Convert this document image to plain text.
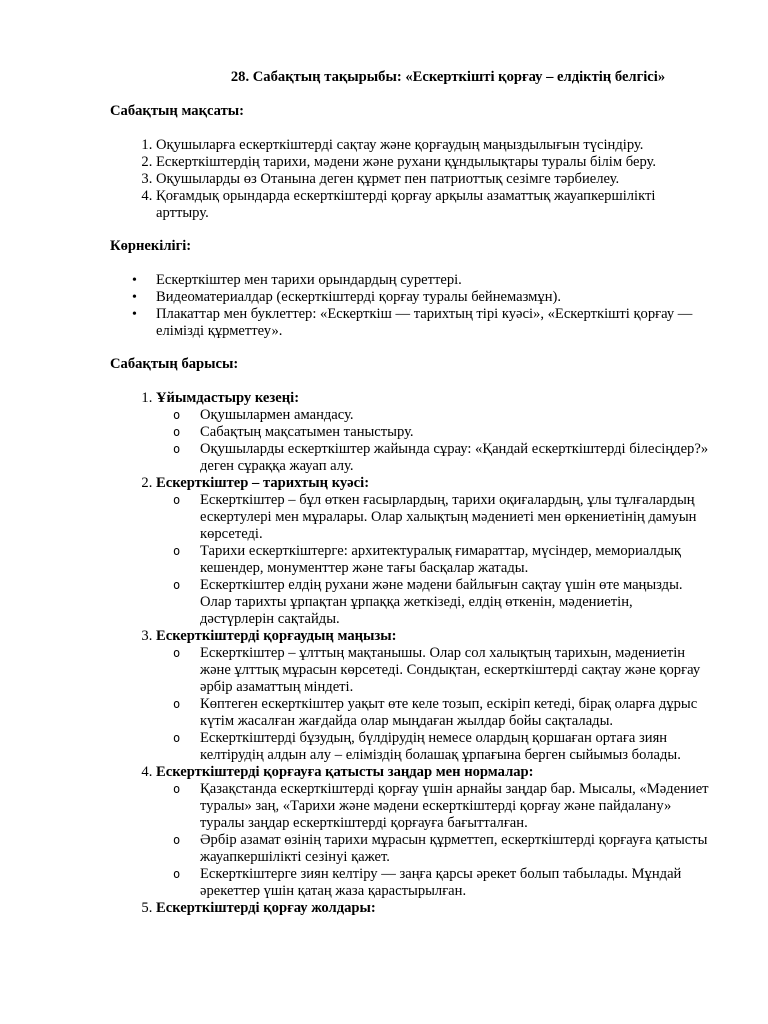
28. Сабақтың тақырыбы: «Ескерткішті қорғау – елдіктің белгісі»
Сабақтың мақсаты:
1. Оқушыларға ескерткіштерді сақтау және қорғаудың маңыздылығын түсіндіру.
2. Ескерткіштердің тарихи, мәдени және рухани құндылықтары туралы білім беру.
3. Оқушыларды өз Отанына деген құрмет пен патриоттық сезімге тәрбиелеу.
4. Қоғамдық орындарда ескерткіштерді қорғау арқылы азаматтық жауапкершілікті арттыру.
Көрнекілігі:
• Ескерткіштер мен тарихи орындардың суреттері.
• Видеоматериалдар (ескерткіштерді қорғау туралы бейнемазмұн).
• Плакаттар мен буклеттер: «Ескерткіш — тарихтың тірі куәсі», «Ескерткішті қорғау — елімізді құрметтеу».
Сабақтың барысы:
1. Ұйымдастыру кезеңі:
o Оқушылармен амандасу.
o Сабақтың мақсатымен таныстыру.
o Оқушыларды ескерткіштер жайында сұрау: «Қандай ескерткіштерді білесіңдер?» деген сұраққа жауап алу.
2. Ескерткіштер – тарихтың куәсі:
o Ескерткіштер – бұл өткен ғасырлардың, тарихи оқиғалардың, ұлы тұлғалардың ескертулері мен мұралары. Олар халықтың мәдениеті мен өркениетінің дамуын көрсетеді.
o Тарихи ескерткіштерге: архитектуралық ғимараттар, мүсіндер, мемориалдық кешендер, монументтер және тағы басқалар жатады.
o Ескерткіштер елдің рухани және мәдени байлығын сақтау үшін өте маңызды. Олар тарихты ұрпақтан ұрпаққа жеткізеді, елдің өткенін, мәдениетін, дәстүрлерін сақтайды.
3. Ескерткіштерді қорғаудың маңызы:
o Ескерткіштер – ұлттың мақтанышы. Олар сол халықтың тарихын, мәдениетін және ұлттық мұрасын көрсетеді. Сондықтан, ескерткіштерді сақтау және қорғау әрбір азаматтың міндеті.
o Көптеген ескерткіштер уақыт өте келе тозып, ескіріп кетеді, бірақ оларға дұрыс күтім жасалған жағдайда олар мыңдаған жылдар бойы сақталады.
o Ескерткіштерді бұзудың, бүлдірудің немесе олардың қоршаған ортаға зиян келтірудің алдын алу – еліміздің болашақ ұрпағына берген сыйымыз болады.
4. Ескерткіштерді қорғауға қатысты заңдар мен нормалар:
o Қазақстанда ескерткіштерді қорғау үшін арнайы заңдар бар. Мысалы, «Мәдениет туралы» заң, «Тарихи және мәдени ескерткіштерді қорғау және пайдалану» туралы заңдар ескерткіштерді қорғауға бағытталған.
o Әрбір азамат өзінің тарихи мұрасын құрметтеп, ескерткіштерді қорғауға қатысты жауапкершілікті сезінуі қажет.
o Ескерткіштерге зиян келтіру — заңға қарсы әрекет болып табылады. Мұндай әрекеттер үшін қатаң жаза қарастырылған.
5. Ескерткіштерді қорғау жолдары:
